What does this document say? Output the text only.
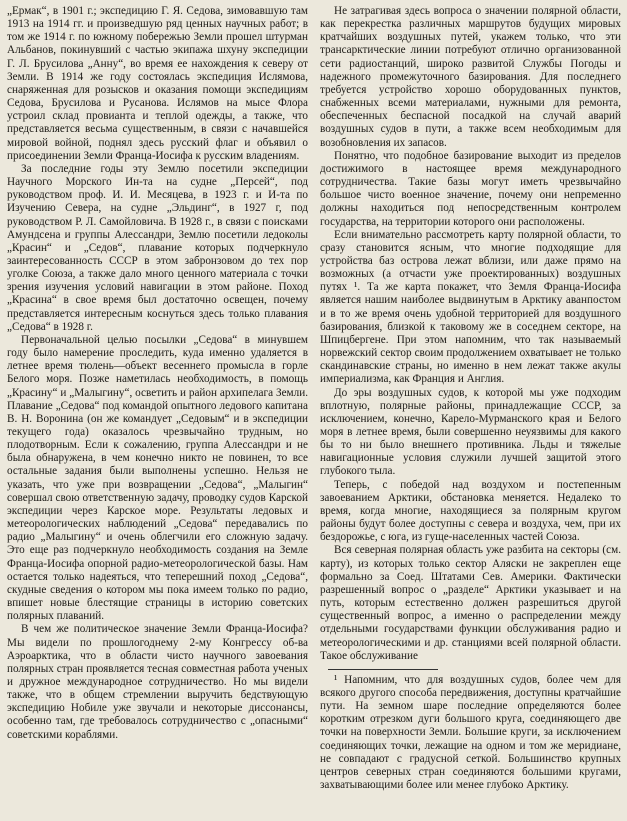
„Ермак“, в 1901 г.; экспедицию Г. Я. Седова, зимовавшую там 1913 на 1914 гг. и произведшую ряд ценных научных работ; в том же 1914 г. по южному побережью Земли прошел штурман Альбанов, покинувший с частью экипажа шхуну экспедиции Г. Л. Брусилова „Анну“, во время ее нахождения к северу от Земли. В 1914 же году состоялась экспедиция Ислямова, снаряженная для розысков и оказания помощи экспедициям Седова, Брусилова и Русанова. Ислямов на мысе Флора устроил склад провианта и теплой одежды, а также, что представляется весьма существенным, в связи с начавшейся мировой войной, поднял здесь русский флаг и объявил о присоединении Земли Франца-Иосифа к русским владениям.

За последние годы эту Землю посетили экспедиции Научного Морского Ин-та на судне „Персей“, под руководством проф. И. И. Месяцева, в 1923 г. и И-та по Изучению Севера, на судне „Эльдинг“, в 1927 г, под руководством Р. Л. Самойловича. В 1928 г., в связи с поисками Амундсена и группы Алессандри, Землю посетили ледоколы „Красин“ и „Седов“, плавание которых подчеркнуло заинтересованность СССР в этом забронзовом до тех пор уголке Союза, а также дало много ценного материала с точки зрения изучения условий навигации в этом районе. Поход „Красина“ в свое время был достаточно освещен, почему представляется интересным коснуться здесь только плавания „Седова“ в 1928 г.

Первоначальной целью посылки „Седова“ в минувшем году было намерение проследить, куда именно удаляется в летнее время тюлень—объект весеннего промысла в горле Белого моря. Позже наметилась необходимость, в помощь „Красину“ и „Малыгину“, осветить и район архипелага Земли. Плавание „Седова“ под командой опытного ледового капитана В. Н. Воронина (он же командует „Седовым“ и в экспедиции текущего года) оказалось чрезвычайно трудным, но плодотворным. Если к сожалению, группа Алессандри и не была обнаружена, в чем конечно никто не повинен, то все остальные задания были выполнены успешно. Нельзя не указать, что уже при возвращении „Седова“, „Малыгин“ совершал свою ответственную задачу, проводку судов Карской экспедиции через Карское море. Результаты ледовых и метеорологических наблюдений „Седова“ передавались по радио „Малыгину“ и очень облегчили его сложную задачу. Это еще раз подчеркнуло необходимость создания на Земле Франца-Иосифа опорной радио-метеорологической базы. Нам остается только надеяться, что теперешний поход „Седова“, скудные сведения о котором мы пока имеем только по радио, впишет новые блестящие страницы в историю советских полярных плаваний.

В чем же политическое значение Земли Франца-Иосифа? Мы видели по прошлогоднему 2-му Конгрессу об-ва Аэроарктика, что в области чисто научного завоевания полярных стран проявляется тесная совместная работа ученых и дружное международное сотрудничество. Но мы видели также, что в общем стремлении выручить бедствующую экспедицию Нобиле уже звучали и некоторые диссонансы, особенно там, где требовалось сотрудничество с „опасными“ советскими кораблями.

Не затрагивая здесь вопроса о значении полярной области, как перекрестка различных маршрутов будущих мировых кратчайших воздушных путей, укажем только, что эти трансарктические линии потребуют отлично организованной сети радиостанций, широко развитой Службы Погоды и надежного промежуточного базирования. Для последнего требуется устройство хорошо оборудованных пунктов, снабженных всеми материалами, нужными для ремонта, обеспеченных беспасной посадкой на случай аварий воздушных судов в пути, а также всем необходимым для возобновления их запасов.

Понятно, что подобное базирование выходит из пределов достижимого в настоящее время международного сотрудничества. Такие базы могут иметь чрезвычайно большое чисто военное значение, почему они непременно должны находиться под непосредственным контролем государства, на территории которого они расположены.

Если внимательно рассмотреть карту полярной области, то сразу становится ясным, что многие подходящие для устройства баз острова лежат вблизи, или даже прямо на возможных (а отчасти уже проектированных) воздушных путях ¹. Та же карта покажет, что Земля Франца-Иосифа является нашим наиболее выдвинутым в Арктику аванпостом и в то же время очень удобной территорией для воздушного базирования, близкой к таковому же в соседнем секторе, на Шпицбергене. При этом напомним, что так называемый норвежский сектор своим продолжением охватывает не только скандинавские страны, но именно в нем лежат также акулы империализма, как Франция и Англия.

До эры воздушных судов, к которой мы уже подходим вплотную, полярные районы, принадлежащие СССР, за исключением, конечно, Карело-Мурманского края и Белого моря в летнее время, были совершенно неуязвимы для какого бы то ни было внешнего противника. Льды и тяжелые навигационные условия служили лучшей защитой этого глубокого тыла.

Теперь, с победой над воздухом и постепенным завоеванием Арктики, обстановка меняется. Недалеко то время, когда многие, находящиеся за полярным кругом районы будут более доступны с севера и воздуха, чем, при их бездорожье, с юга, из гуще-населенных частей Союза.

Вся северная полярная область уже разбита на секторы (см. карту), из которых только сектор Аляски не закреплен еще формально за Соед. Штатами Сев. Америки. Фактически разрешенный вопрос о „разделе“ Арктики указывает и на путь, которым естественно должен разрешиться другой существенный вопрос, а именно о распределении между отдельными государствами функции обслуживания радио и метеорологическими и др. станциями всей полярной области. Такое обслуживание

¹ Напомним, что для воздушных судов, более чем для всякого другого способа передвижения, доступны кратчайшие пути. На земном шаре последние определяются более коротким отрезком дуги большого круга, соединяющего две точки на поверхности Земли. Большие круги, за исключением соединяющих точки, лежащие на одном и том же меридиане, не совпадают с градусной сеткой. Большинство крупных центров северных стран соединяются большими кругами, захватывающими более или менее глубоко Арктику.
